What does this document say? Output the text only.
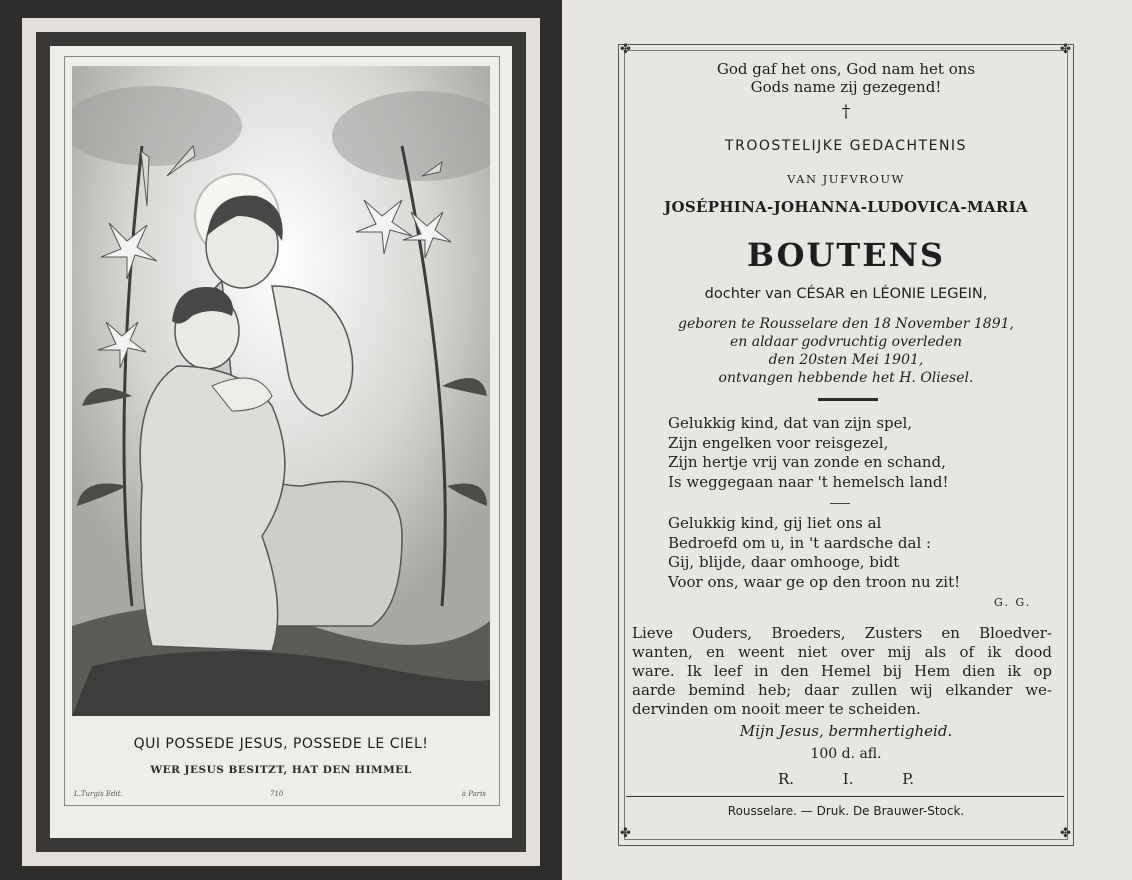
QUI POSSEDE JESUS, POSSEDE LE CIEL!
WER JESUS BESITZT, HAT DEN HIMMEL
L.Turgis Edit.	710	à Paris
✤	✤
✤	✤
God gaf het ons, God nam het ons
Gods name zij gezegend!
†
TROOSTELIJKE GEDACHTENIS
VAN JUFVROUW
JOSÉPHINA-JOHANNA-LUDOVICA-MARIA
BOUTENS
dochter van CÉSAR en LÉONIE LEGEIN,
geboren te Rousselare den 18 November 1891,
en aldaar godvruchtig overleden
den 20sten Mei 1901,
ontvangen hebbende het H. Oliesel.
Gelukkig kind, dat van zijn spel,
Zijn engelken voor reisgezel,
Zijn hertje vrij van zonde en schand,
Is weggegaan naar 't hemelsch land!
Gelukkig kind, gij liet ons al
Bedroefd om u, in 't aardsche dal :
Gij, blijde, daar omhooge, bidt
Voor ons, waar ge op den troon nu zit!
G. G.
Lieve Ouders, Broeders, Zusters en Bloedver-
wanten, en weent niet over mij als of ik dood
ware. Ik leef in den Hemel bij Hem dien ik op
aarde bemind heb; daar zullen wij elkander we-
dervinden om nooit meer te scheiden.
Mijn Jesus, bermhertigheid.
100 d. afl.
R. I. P.
Rousselare. — Druk. De Brauwer-Stock.
